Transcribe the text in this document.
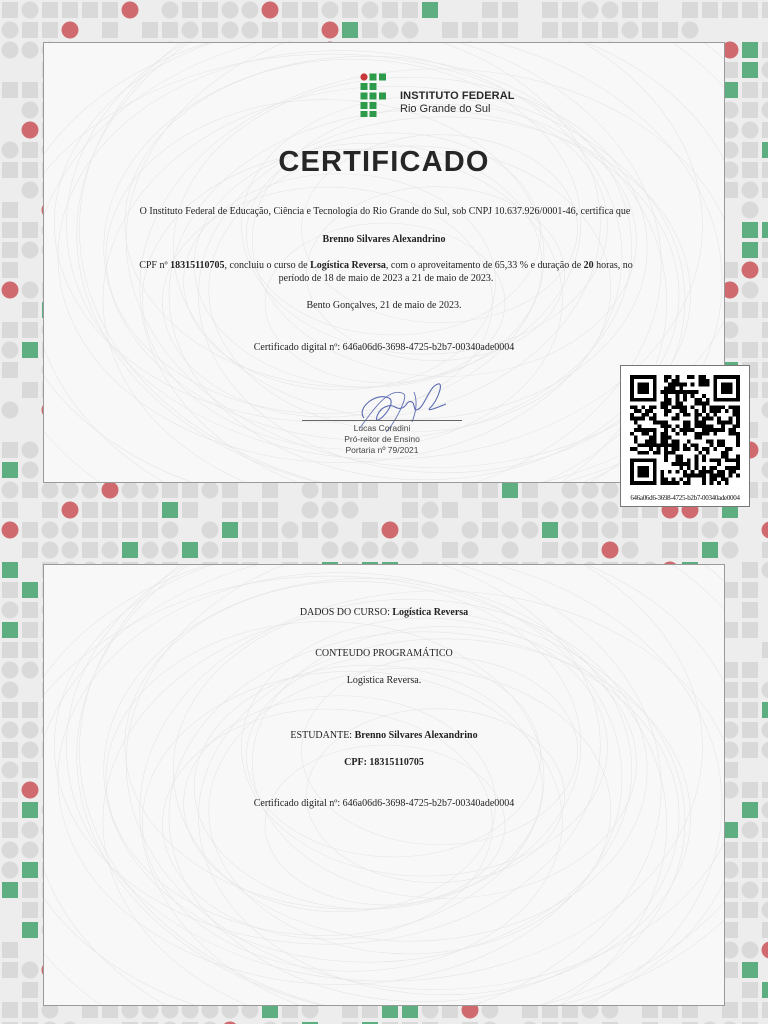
INSTITUTO FEDERAL
Rio Grande do Sul
CERTIFICADO
O Instituto Federal de Educação, Ciência e Tecnologia do Rio Grande do Sul, sob CNPJ 10.637.926/0001-46, certifica que
Brenno Silvares Alexandrino
CPF nº 18315110705, concluiu o curso de Logística Reversa, com o aproveitamento de 65,33 % e duração de 20 horas, no período de 18 de maio de 2023 a 21 de maio de 2023.
Bento Gonçalves, 21 de maio de 2023.
Certificado digital nº: 646a06d6-3698-4725-b2b7-00340ade0004
Lucas Coradini
Pró-reitor de Ensino
Portaria nº 79/2021
646a06d6-3698-4725-b2b7-00340ade0004
DADOS DO CURSO: Logística Reversa
CONTEUDO PROGRAMÁTICO
Logistica Reversa.
ESTUDANTE: Brenno Silvares Alexandrino
CPF: 18315110705
Certificado digital nº: 646a06d6-3698-4725-b2b7-00340ade0004
